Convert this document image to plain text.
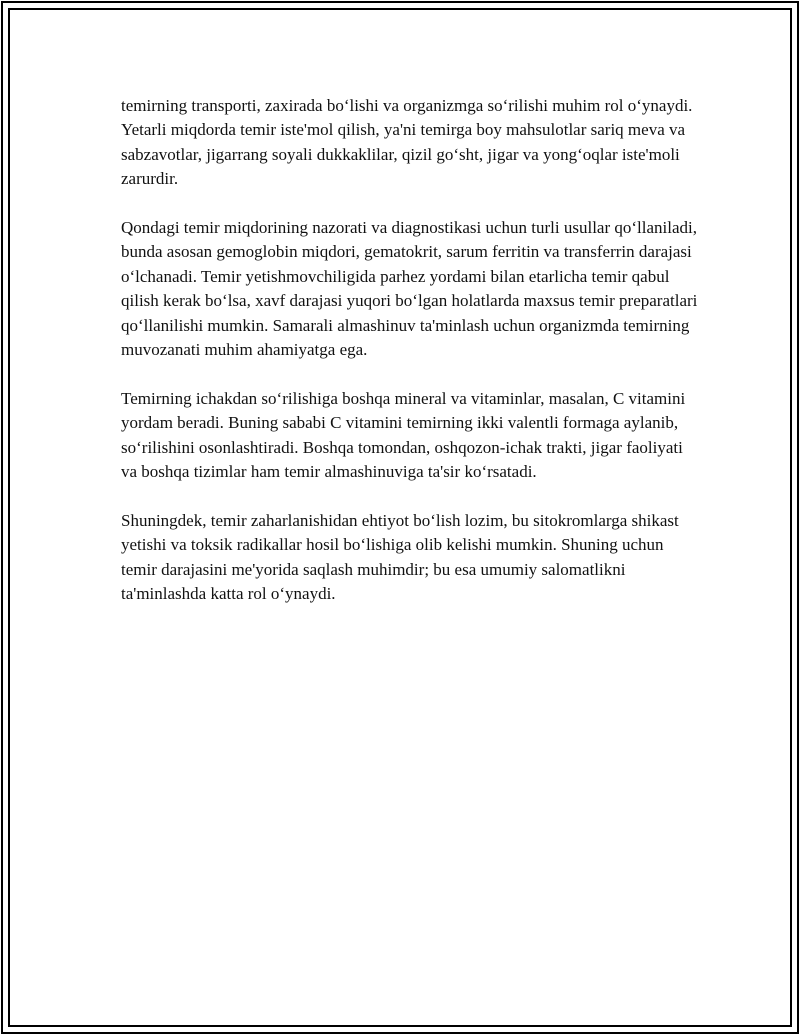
temirning transporti, zaxirada bo‘lishi va organizmga so‘rilishi muhim rol o‘ynaydi. Yetarli miqdorda temir iste'mol qilish, ya'ni temirga boy mahsulotlar sariq meva va sabzavotlar, jigarrang soyali dukkaklilar, qizil go‘sht, jigar va yong‘oqlar iste'moli zarurdir.

Qondagi temir miqdorining nazorati va diagnostikasi uchun turli usullar qo‘llaniladi, bunda asosan gemoglobin miqdori, gematokrit, sarum ferritin va transferrin darajasi o‘lchanadi. Temir yetishmovchiligida parhez yordami bilan etarlicha temir qabul qilish kerak bo‘lsa, xavf darajasi yuqori bo‘lgan holatlarda maxsus temir preparatlari qo‘llanilishi mumkin. Samarali almashinuv ta'minlash uchun organizmda temirning muvozanati muhim ahamiyatga ega.

Temirning ichakdan so‘rilishiga boshqa mineral va vitaminlar, masalan, C vitamini yordam beradi. Buning sababi C vitamini temirning ikki valentli formaga aylanib, so‘rilishini osonlashtiradi. Boshqa tomondan, oshqozon-ichak trakti, jigar faoliyati va boshqa tizimlar ham temir almashinuviga ta'sir ko‘rsatadi.

Shuningdek, temir zaharlanishidan ehtiyot bo‘lish lozim, bu sitokromlarga shikast yetishi va toksik radikallar hosil bo‘lishiga olib kelishi mumkin. Shuning uchun temir darajasini me'yorida saqlash muhimdir; bu esa umumiy salomatlikni ta'minlashda katta rol o‘ynaydi.
